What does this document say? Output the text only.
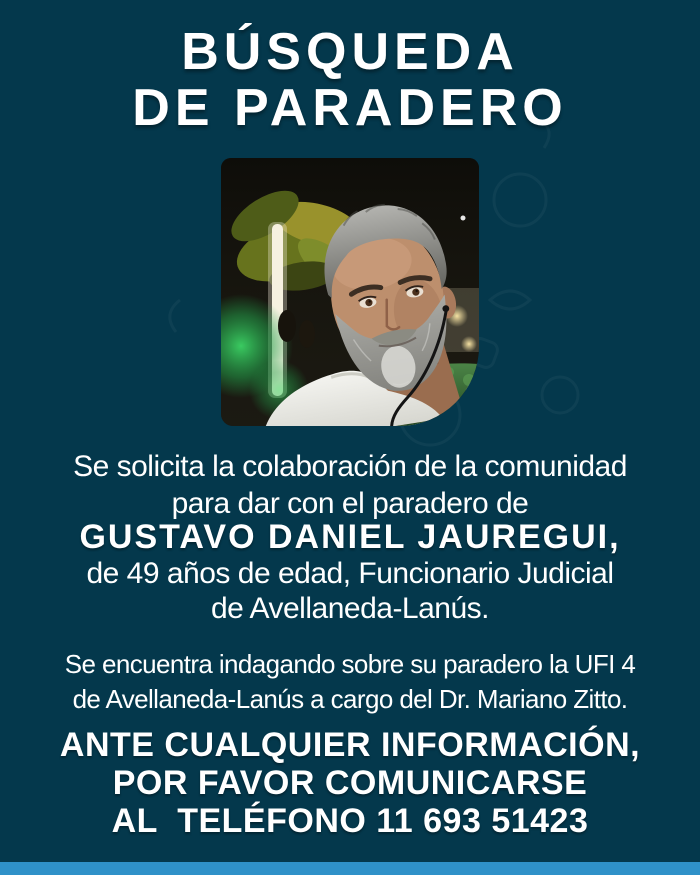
BÚSQUEDA
DE PARADERO
Se solicita la colaboración de la comunidad
para dar con el paradero de
GUSTAVO DANIEL JAUREGUI,
de 49 años de edad, Funcionario Judicial
de Avellaneda-Lanús.
Se encuentra indagando sobre su paradero la UFI 4
de Avellaneda-Lanús a cargo del Dr. Mariano Zitto.
ANTE CUALQUIER INFORMACIÓN,
POR FAVOR COMUNICARSE
AL  TELÉFONO 11 693 51423
